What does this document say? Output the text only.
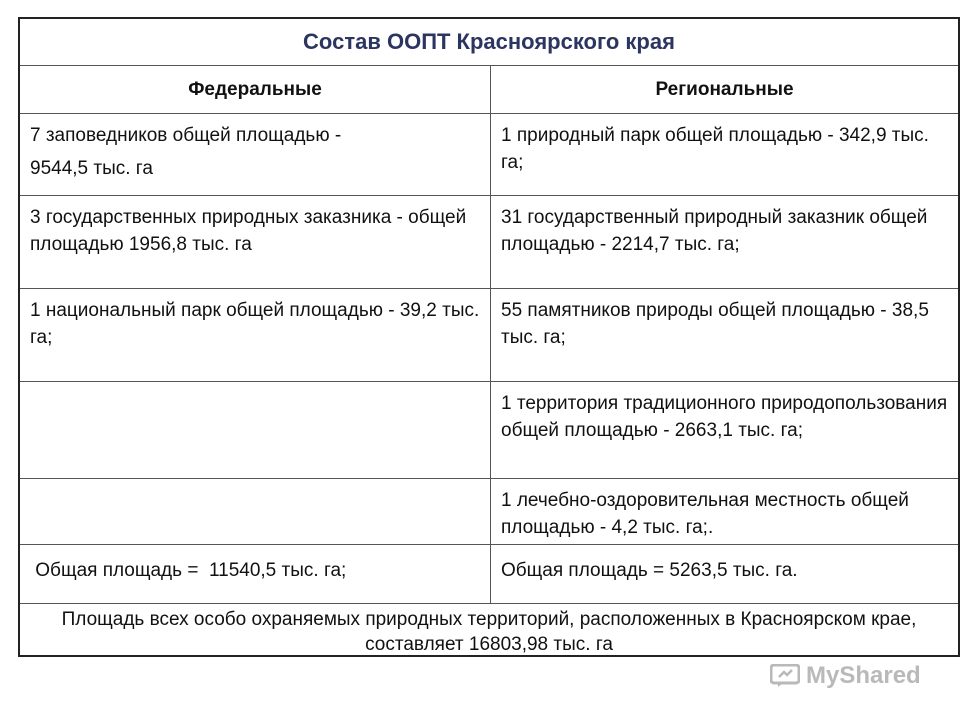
Состав ООПТ Красноярского края
Федеральные	Региональные
7 заповедников общей площадью -
9544,5 тыс. га
1 природный парк общей площадью - 342,9 тыс. га;
3 государственных природных заказника - общей площадью 1956,8 тыс. га
31 государственный природный заказник общей площадью - 2214,7 тыс. га;
1 национальный парк общей площадью - 39,2 тыс. га;
55 памятников природы общей площадью - 38,5 тыс. га;
1 территория традиционного природопользования общей площадью - 2663,1 тыс. га;
1 лечебно-оздоровительная местность общей площадью - 4,2 тыс. га;.
Общая площадь =  11540,5 тыс. га;	Общая площадь = 5263,5 тыс. га.
Площадь всех особо охраняемых природных территорий, расположенных в Красноярском крае, составляет 16803,98 тыс. га
MyShared
